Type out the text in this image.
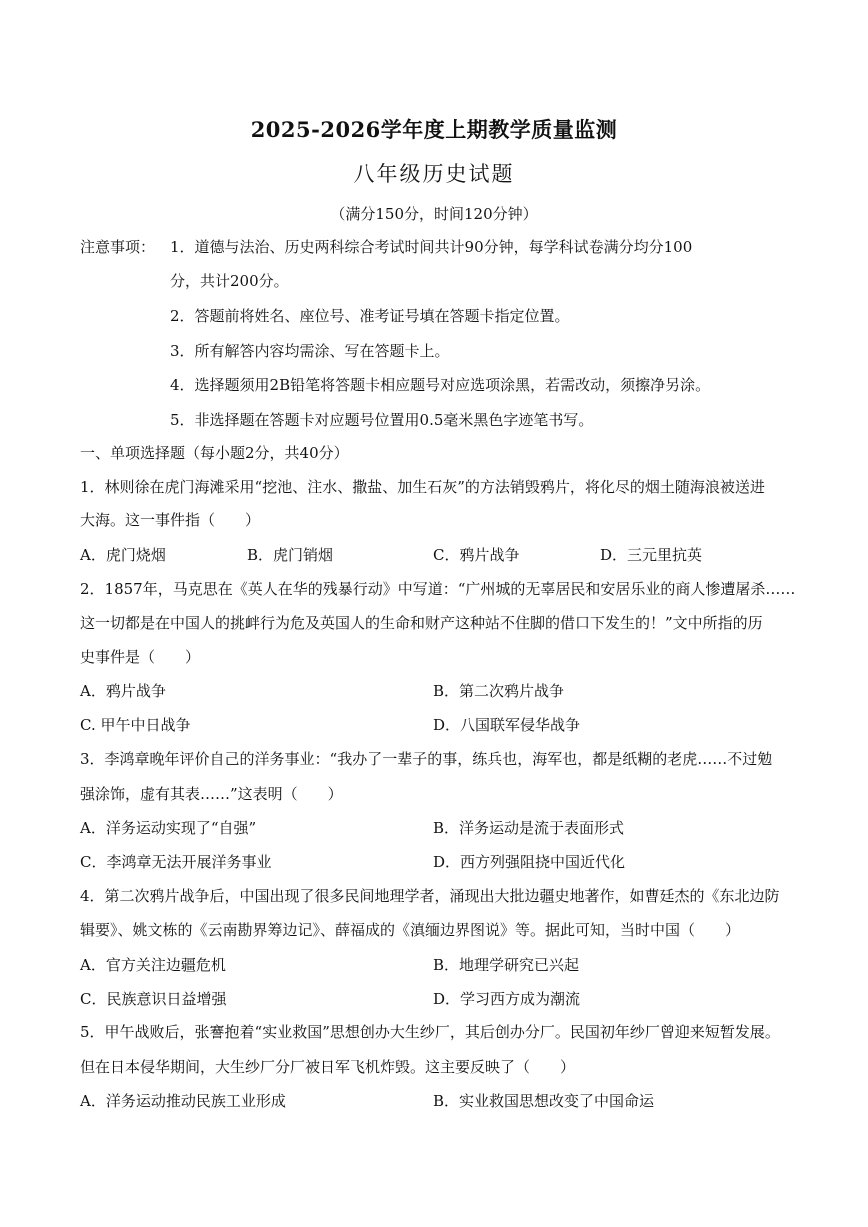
2025-2026学年度上期教学质量监测
八年级历史试题
（满分150分，时间120分钟）
注意事项： 1．道德与法治、历史两科综合考试时间共计90分钟，每学科试卷满分均分100
分，共计200分。
2．答题前将姓名、座位号、准考证号填在答题卡指定位置。
3．所有解答内容均需涂、写在答题卡上。
4．选择题须用2B铅笔将答题卡相应题号对应选项涂黑，若需改动，须擦净另涂。
5．非选择题在答题卡对应题号位置用0.5毫米黑色字迹笔书写。
一、单项选择题（每小题2分，共40分）
1．林则徐在虎门海滩采用“挖池、注水、撒盐、加生石灰”的方法销毁鸦片，将化尽的烟土随海浪被送进
大海。这一事件指（　　）
A．虎门烧烟	B．虎门销烟	C．鸦片战争	D．三元里抗英
2．1857年，马克思在《英人在华的残暴行动》中写道：“广州城的无辜居民和安居乐业的商人惨遭屠杀……
这一切都是在中国人的挑衅行为危及英国人的生命和财产这种站不住脚的借口下发生的！”文中所指的历
史事件是（　　）
A．鸦片战争	B．第二次鸦片战争
C. 甲午中日战争	D．八国联军侵华战争
3．李鸿章晚年评价自己的洋务事业：“我办了一辈子的事，练兵也，海军也，都是纸糊的老虎……不过勉
强涂饰，虚有其表……”这表明（　　）
A．洋务运动实现了“自强”	B．洋务运动是流于表面形式
C．李鸿章无法开展洋务事业	D．西方列强阻挠中国近代化
4．第二次鸦片战争后，中国出现了很多民间地理学者，涌现出大批边疆史地著作，如曹廷杰的《东北边防
辑要》、姚文栋的《云南勘界筹边记》、薛福成的《滇缅边界图说》等。据此可知，当时中国（　　）
A．官方关注边疆危机	B．地理学研究已兴起
C．民族意识日益增强	D．学习西方成为潮流
5．甲午战败后，张謇抱着“实业救国”思想创办大生纱厂，其后创办分厂。民国初年纱厂曾迎来短暂发展。
但在日本侵华期间，大生纱厂分厂被日军飞机炸毁。这主要反映了（　　）
A．洋务运动推动民族工业形成	B．实业救国思想改变了中国命运
